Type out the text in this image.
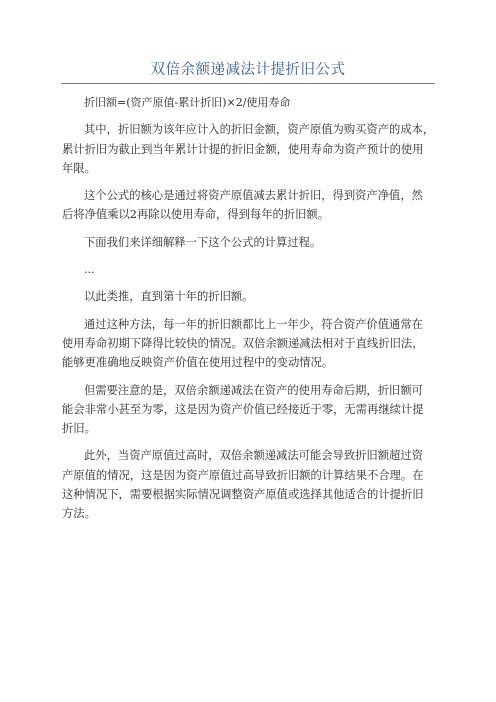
双倍余额递减法计提折旧公式

折旧额=(资产原值-累计折旧)×2/使用寿命

其中，折旧额为该年应计入的折旧金额，资产原值为购买资产的成本，
累计折旧为截止到当年累计计提的折旧金额，使用寿命为资产预计的使用
年限。

这个公式的核心是通过将资产原值减去累计折旧，得到资产净值，然
后将净值乘以2再除以使用寿命，得到每年的折旧额。

下面我们来详细解释一下这个公式的计算过程。

...

以此类推，直到第十年的折旧额。

通过这种方法，每一年的折旧额都比上一年少，符合资产价值通常在
使用寿命初期下降得比较快的情况。双倍余额递减法相对于直线折旧法，
能够更准确地反映资产价值在使用过程中的变动情况。

但需要注意的是，双倍余额递减法在资产的使用寿命后期，折旧额可
能会非常小甚至为零，这是因为资产价值已经接近于零，无需再继续计提
折旧。

此外，当资产原值过高时，双倍余额递减法可能会导致折旧额超过资
产原值的情况，这是因为资产原值过高导致折旧额的计算结果不合理。在
这种情况下，需要根据实际情况调整资产原值或选择其他适合的计提折旧
方法。
